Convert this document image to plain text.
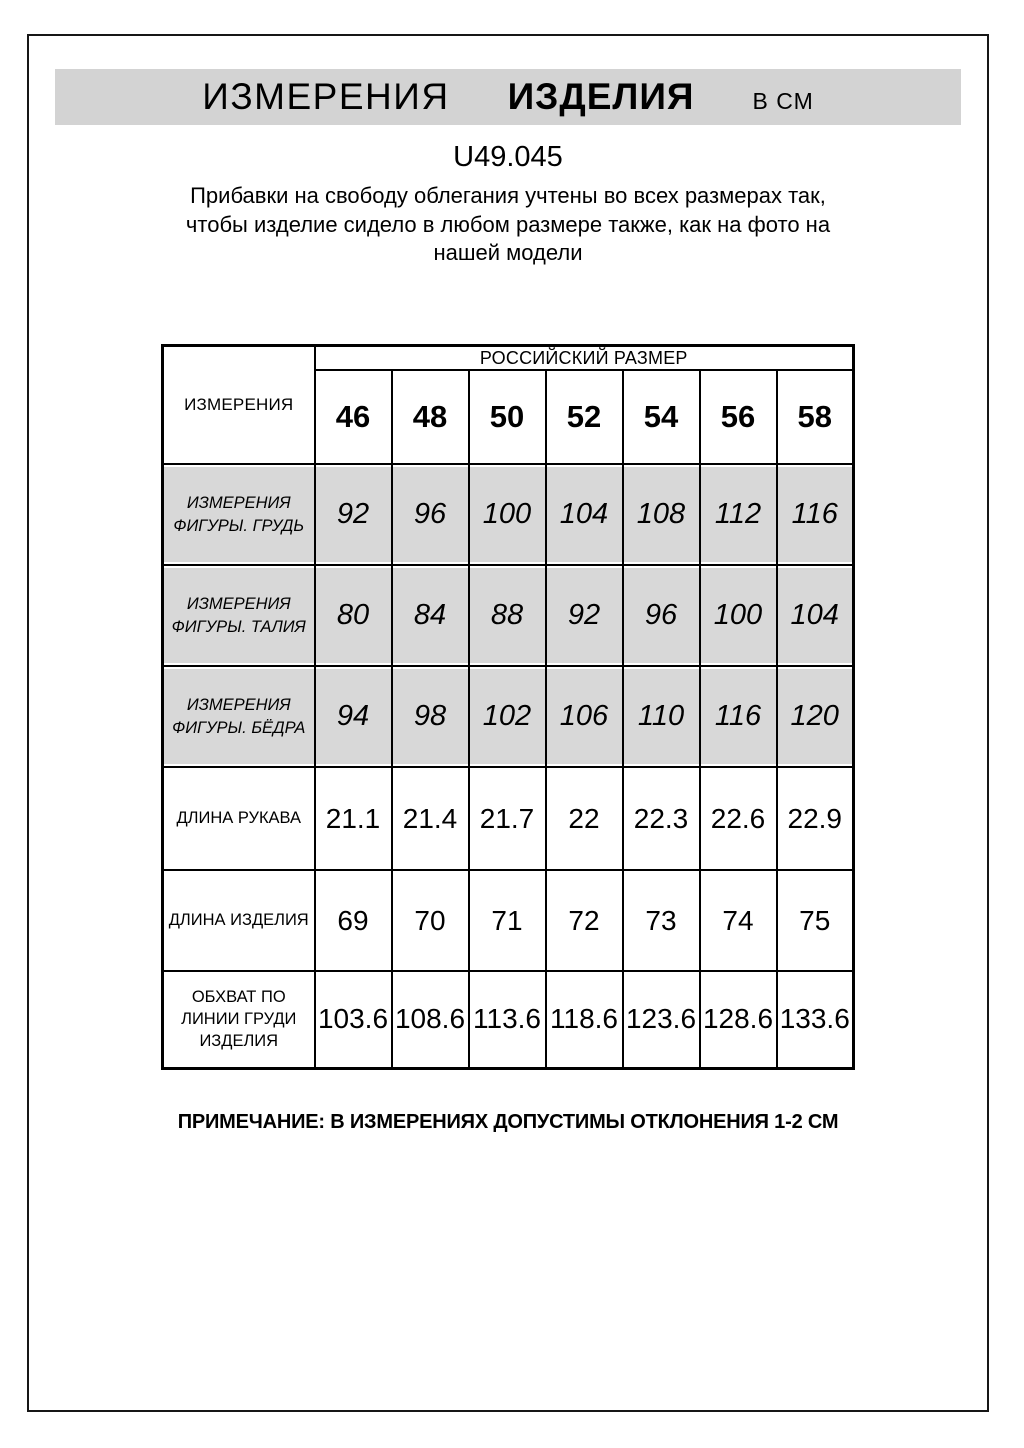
ИЗМЕРЕНИЯ ИЗДЕЛИЯ	В СМ
U49.045
Прибавки на свободу облегания учтены во всех размерах так,
чтобы изделие сидело в любом размере также, как на фото на
нашей модели
ИЗМЕРЕНИЯ	РОССИЙСКИЙ РАЗМЕР						
	46	48	50	52	54	56	58

ИЗМЕРЕНИЯ
ФИГУРЫ. ГРУДЬ	92	96	100	104	108	112	116

ИЗМЕРЕНИЯ
ФИГУРЫ. ТАЛИЯ	80	84	88	92	96	100	104

ИЗМЕРЕНИЯ
ФИГУРЫ. БЁДРА	94	98	102	106	110	116	120

ДЛИНА РУКАВА	21.1	21.4	21.7	22	22.3	22.6	22.9

ДЛИНА ИЗДЕЛИЯ	69	70	71	72	73	74	75

ОБХВАТ ПО
ЛИНИИ ГРУДИ
ИЗДЕЛИЯ	103.6	108.6	113.6	118.6	123.6	128.6	133.6
ПРИМЕЧАНИЕ: В ИЗМЕРЕНИЯХ ДОПУСТИМЫ ОТКЛОНЕНИЯ 1-2 СМ
